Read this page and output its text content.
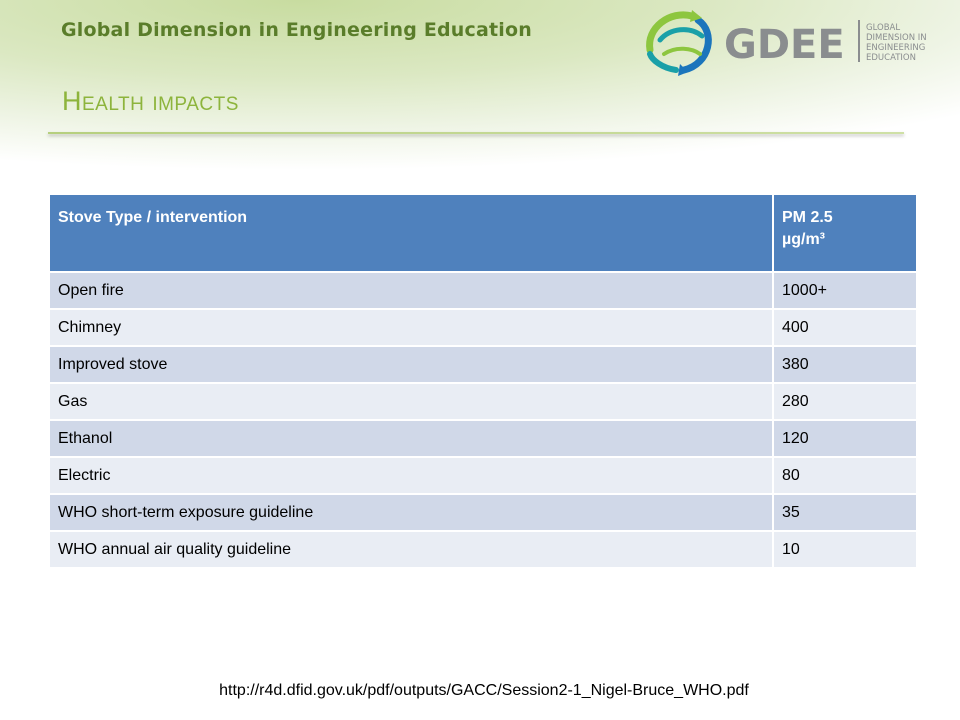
Global Dimension in Engineering Education	GDEE	GLOBAL
DIMENSION IN
ENGINEERING
EDUCATION
Health impacts
Stove Type / intervention	PM 2.5
µg/m³
Open fire	1000+
Chimney	400
Improved stove	380
Gas	280
Ethanol	120
Electric	80
WHO short-term exposure guideline	35
WHO annual air quality guideline	10
http://r4d.dfid.gov.uk/pdf/outputs/GACC/Session2-1_Nigel-Bruce_WHO.pdf
